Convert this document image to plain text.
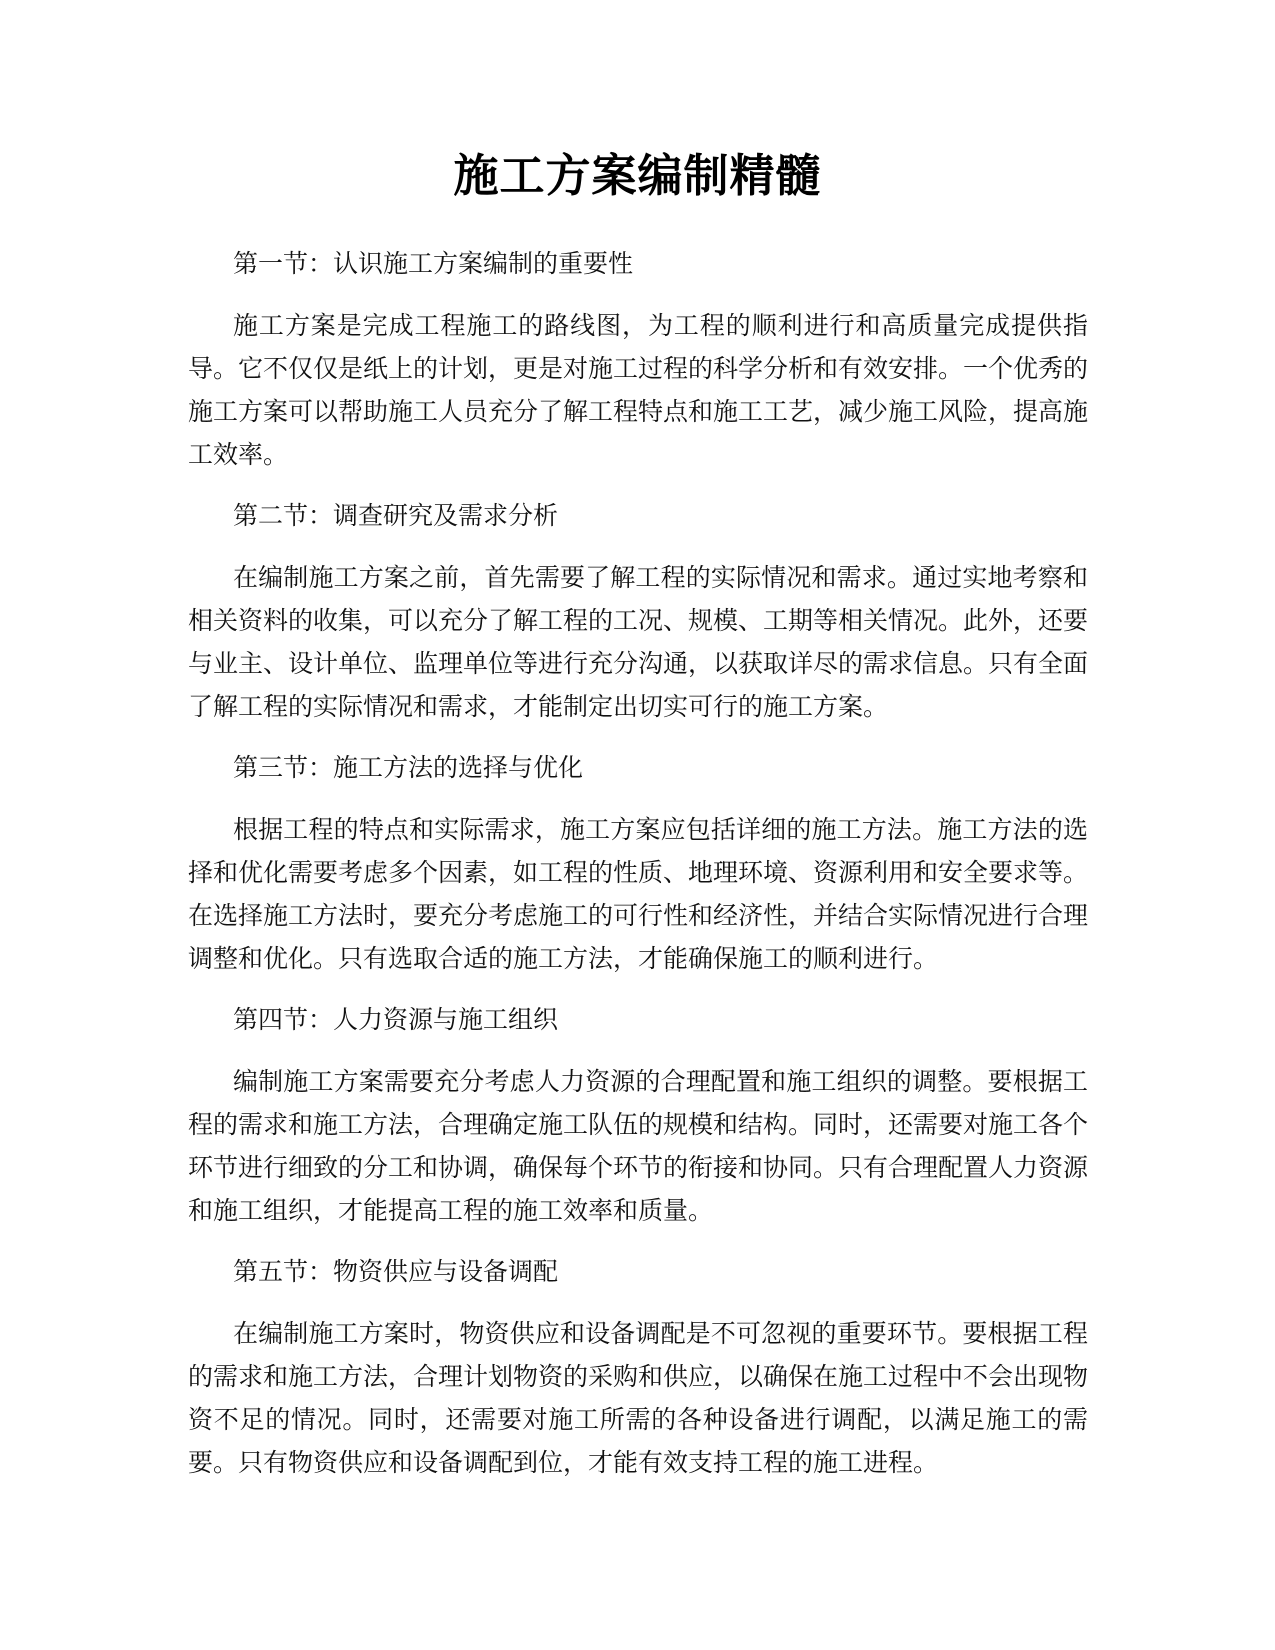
施工方案编制精髓

第一节：认识施工方案编制的重要性

施工方案是完成工程施工的路线图，为工程的顺利进行和高质量完成提供指导。它不仅仅是纸上的计划，更是对施工过程的科学分析和有效安排。一个优秀的施工方案可以帮助施工人员充分了解工程特点和施工工艺，减少施工风险，提高施工效率。

第二节：调查研究及需求分析

在编制施工方案之前，首先需要了解工程的实际情况和需求。通过实地考察和相关资料的收集，可以充分了解工程的工况、规模、工期等相关情况。此外，还要与业主、设计单位、监理单位等进行充分沟通，以获取详尽的需求信息。只有全面了解工程的实际情况和需求，才能制定出切实可行的施工方案。

第三节：施工方法的选择与优化

根据工程的特点和实际需求，施工方案应包括详细的施工方法。施工方法的选择和优化需要考虑多个因素，如工程的性质、地理环境、资源利用和安全要求等。在选择施工方法时，要充分考虑施工的可行性和经济性，并结合实际情况进行合理调整和优化。只有选取合适的施工方法，才能确保施工的顺利进行。

第四节：人力资源与施工组织

编制施工方案需要充分考虑人力资源的合理配置和施工组织的调整。要根据工程的需求和施工方法，合理确定施工队伍的规模和结构。同时，还需要对施工各个环节进行细致的分工和协调，确保每个环节的衔接和协同。只有合理配置人力资源和施工组织，才能提高工程的施工效率和质量。

第五节：物资供应与设备调配

在编制施工方案时，物资供应和设备调配是不可忽视的重要环节。要根据工程的需求和施工方法，合理计划物资的采购和供应，以确保在施工过程中不会出现物资不足的情况。同时，还需要对施工所需的各种设备进行调配，以满足施工的需要。只有物资供应和设备调配到位，才能有效支持工程的施工进程。
